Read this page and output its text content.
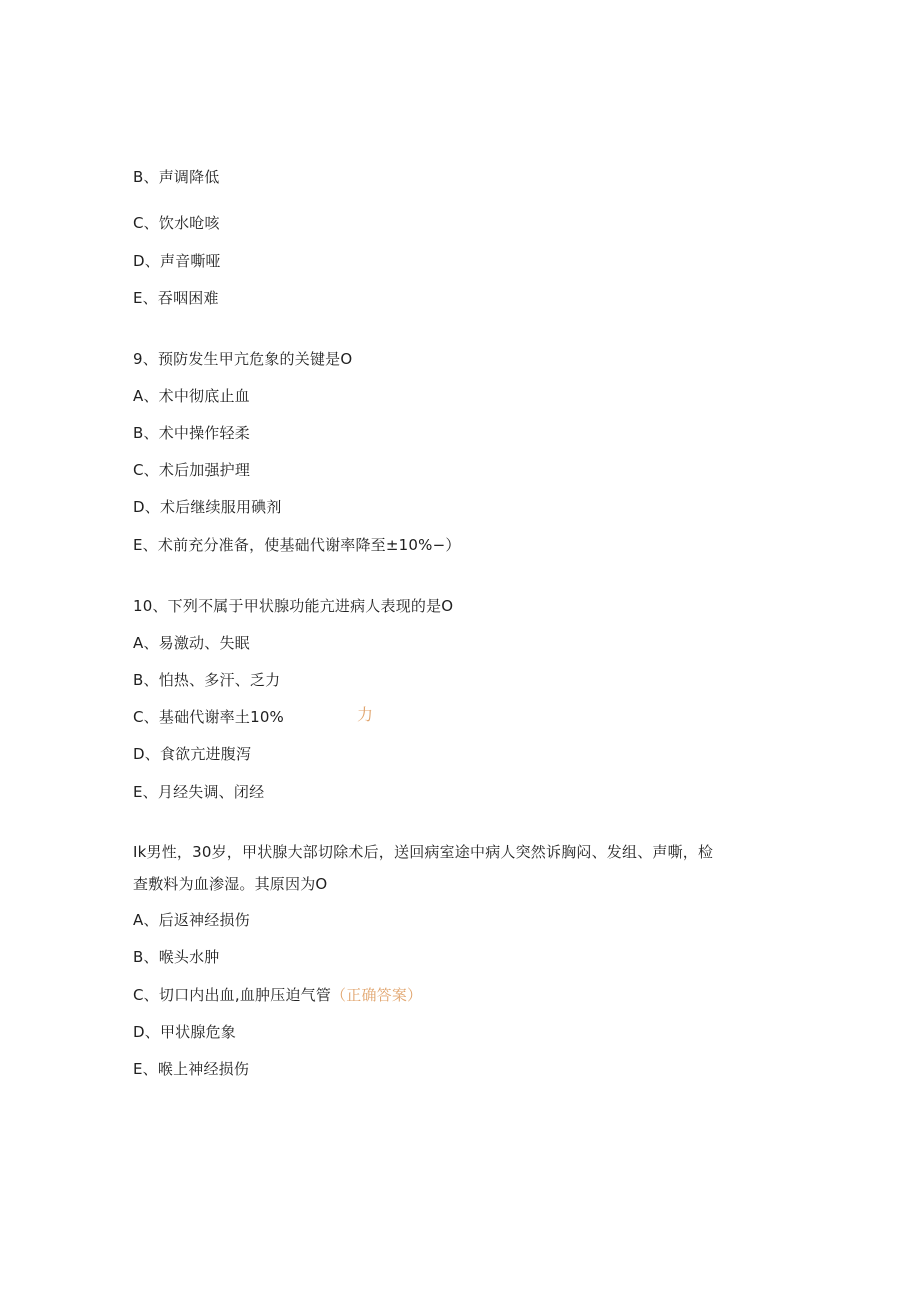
B、声调降低
C、饮水呛咳
D、声音嘶哑
E、吞咽困难
9、预防发生甲亢危象的关键是O
A、术中彻底止血
B、术中操作轻柔
C、术后加强护理
D、术后继续服用碘剂
E、术前充分准备，使基础代谢率降至±10%−）
10、下列不属于甲状腺功能亢进病人表现的是O
A、易激动、失眠
B、怕热、多汗、乏力
C、基础代谢率土10%	力
D、食欲亢进腹泻
E、月经失调、闭经
Ik男性，30岁，甲状腺大部切除术后，送回病室途中病人突然诉胸闷、发组、声嘶，检
查敷料为血渗湿。其原因为O
A、后返神经损伤
B、喉头水肿
C、切口内出血,血肿压迫气管（正确答案）
D、甲状腺危象
E、喉上神经损伤
